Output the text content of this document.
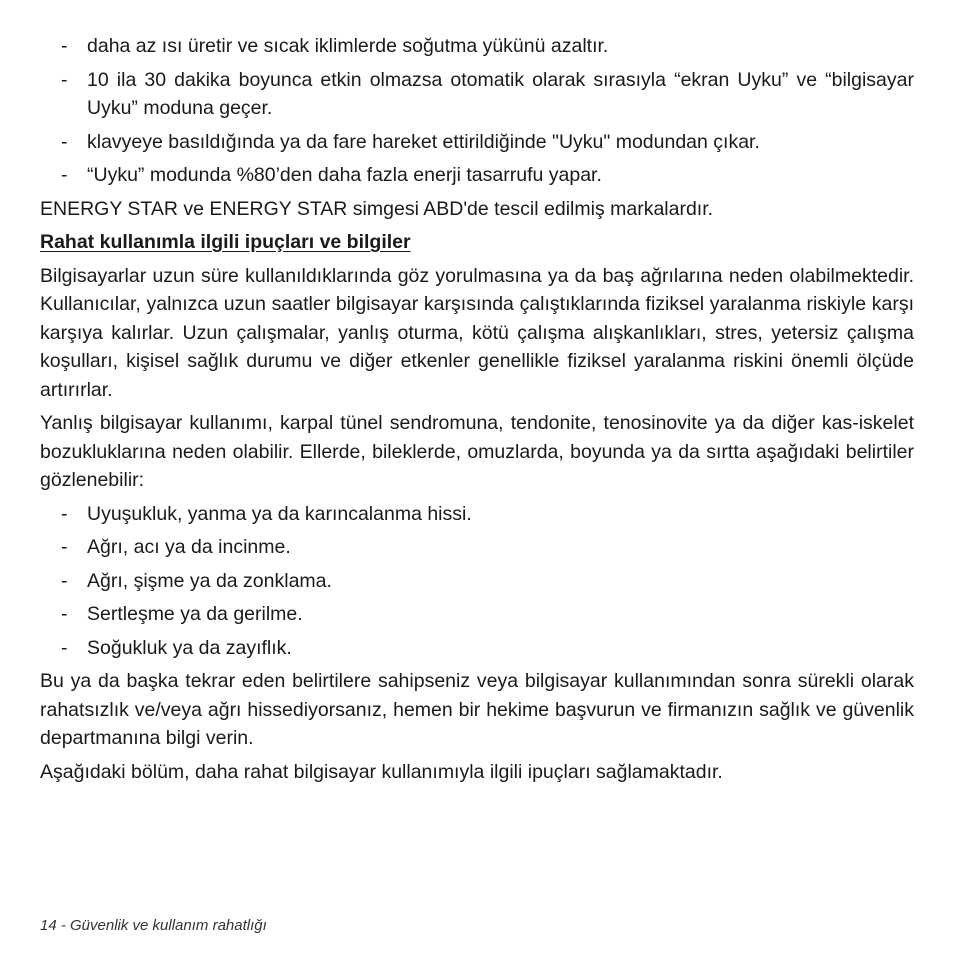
- daha az ısı üretir ve sıcak iklimlerde soğutma yükünü azaltır.
- 10 ila 30 dakika boyunca etkin olmazsa otomatik olarak sırasıyla “ekran Uyku” ve “bilgisayar Uyku” moduna geçer.
- klavyeye basıldığında ya da fare hareket ettirildiğinde "Uyku" modundan çıkar.
- “Uyku” modunda %80’den daha fazla enerji tasarrufu yapar.

ENERGY STAR ve ENERGY STAR simgesi ABD'de tescil edilmiş markalardır.

Rahat kullanımla ilgili ipuçları ve bilgiler

Bilgisayarlar uzun süre kullanıldıklarında göz yorulmasına ya da baş ağrılarına neden olabilmektedir. Kullanıcılar, yalnızca uzun saatler bilgisayar karşısında çalıştıklarında fiziksel yaralanma riskiyle karşı karşıya kalırlar. Uzun çalışmalar, yanlış oturma, kötü çalışma alışkanlıkları, stres, yetersiz çalışma koşulları, kişisel sağlık durumu ve diğer etkenler genellikle fiziksel yaralanma riskini önemli ölçüde artırırlar.

Yanlış bilgisayar kullanımı, karpal tünel sendromuna, tendonite, tenosinovite ya da diğer kas-iskelet bozukluklarına neden olabilir. Ellerde, bileklerde, omuzlarda, boyunda ya da sırtta aşağıdaki belirtiler gözlenebilir:

- Uyuşukluk, yanma ya da karıncalanma hissi.
- Ağrı, acı ya da incinme.
- Ağrı, şişme ya da zonklama.
- Sertleşme ya da gerilme.
- Soğukluk ya da zayıflık.

Bu ya da başka tekrar eden belirtilere sahipseniz veya bilgisayar kullanımından sonra sürekli olarak rahatsızlık ve/veya ağrı hissediyorsanız, hemen bir hekime başvurun ve firmanızın sağlık ve güvenlik departmanına bilgi verin.

Aşağıdaki bölüm, daha rahat bilgisayar kullanımıyla ilgili ipuçları sağlamaktadır.

14 - Güvenlik ve kullanım rahatlığı
